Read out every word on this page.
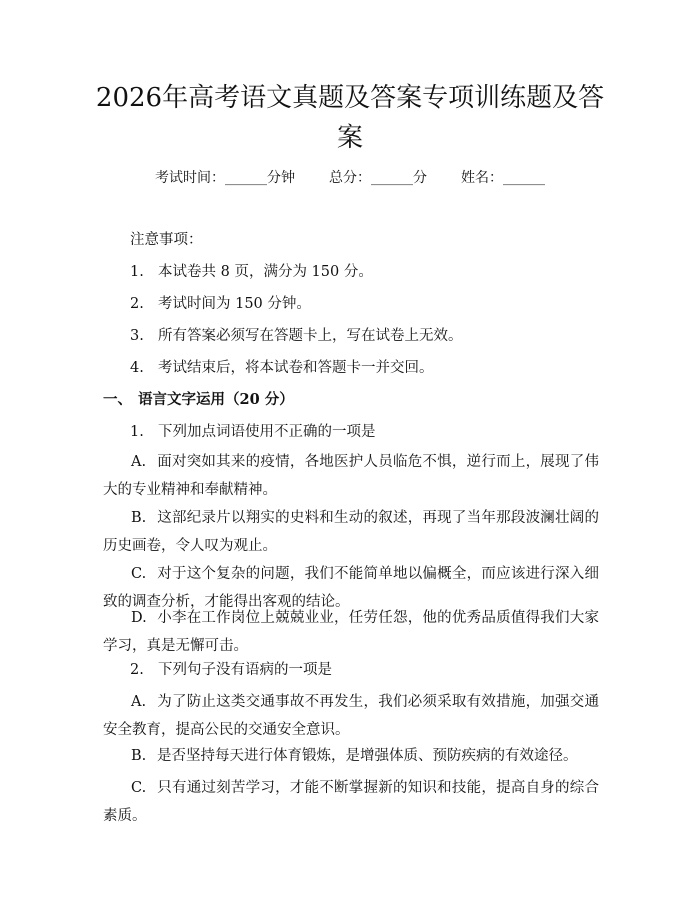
2026年高考语文真题及答案专项训练题及答案
考试时间：______分钟 总分：______分 姓名：______
注意事项：
1. 本试卷共 8 页，满分为 150 分。
2. 考试时间为 150 分钟。
3. 所有答案必须写在答题卡上，写在试卷上无效。
4. 考试结束后，将本试卷和答题卡一并交回。
一、 语言文字运用（20 分）
1. 下列加点词语使用不正确的一项是
A. 面对突如其来的疫情，各地医护人员临危不惧，逆行而上，展现了伟大的专业精神和奉献精神。
B. 这部纪录片以翔实的史料和生动的叙述，再现了当年那段波澜壮阔的历史画卷，令人叹为观止。
C. 对于这个复杂的问题，我们不能简单地以偏概全，而应该进行深入细致的调查分析，才能得出客观的结论。
D. 小李在工作岗位上兢兢业业，任劳任怨，他的优秀品质值得我们大家学习，真是无懈可击。
2. 下列句子没有语病的一项是
A. 为了防止这类交通事故不再发生，我们必须采取有效措施，加强交通安全教育，提高公民的交通安全意识。
B. 是否坚持每天进行体育锻炼，是增强体质、预防疾病的有效途径。
C. 只有通过刻苦学习，才能不断掌握新的知识和技能，提高自身的综合素质。
